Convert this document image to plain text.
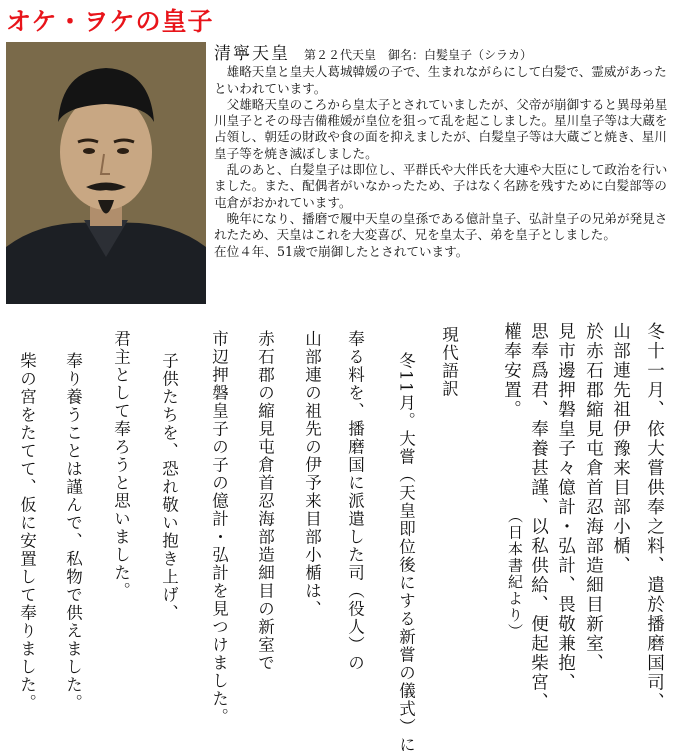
オケ・ヲケの皇子
清寧天皇 第２２代天皇　御名：白髪皇子（シラカ）

雄略天皇と皇夫人葛城韓媛の子で、生まれながらにして白髪で、霊威があったといわれています。

父雄略天皇のころから皇太子とされていましたが、父帝が崩御すると異母弟星川皇子とその母吉備稚媛が皇位を狙って乱を起こしました。星川皇子等は大蔵を占領し、朝廷の財政や食の面を抑えましたが、白髪皇子等は大蔵ごと焼き、星川皇子等を焼き滅ぼしました。

乱のあと、白髪皇子は即位し、平群氏や大伴氏を大連や大臣にして政治を行いました。また、配偶者がいなかったため、子はなく名跡を残すために白髪部等の屯倉がおかれています。

晩年になり、播磨で履中天皇の皇孫である億計皇子、弘計皇子の兄弟が発見されたため、天皇はこれを大変喜び、兄を皇太子、弟を皇子としました。

在位４年、51歳で崩御したとされています。

冬十一月、依大嘗供奉之料、遣於播磨国司、
山部連先祖伊豫来目部小楯、
於赤石郡縮見屯倉首忍海部造細目新室、
見市邊押磐皇子々億計・弘計、畏敬兼抱、
思奉爲君、奉養甚謹、以私供給、便起柴宮、
權奉安置。
（日本書紀より）
現代語訳
冬11月。大嘗（天皇即位後にする新嘗の儀式）に
奉る料を、播磨国に派遣した司（役人）の
山部連の祖先の伊予来目部小楯は、
赤石郡の縮見屯倉首忍海部造細目の新室で
市辺押磐皇子の子の億計・弘計を見つけました。
子供たちを、恐れ敬い抱き上げ、
君主として奉ろうと思いました。
奉り養うことは謹んで、私物で供えました。
柴の宮をたてて、仮に安置して奉りました。
